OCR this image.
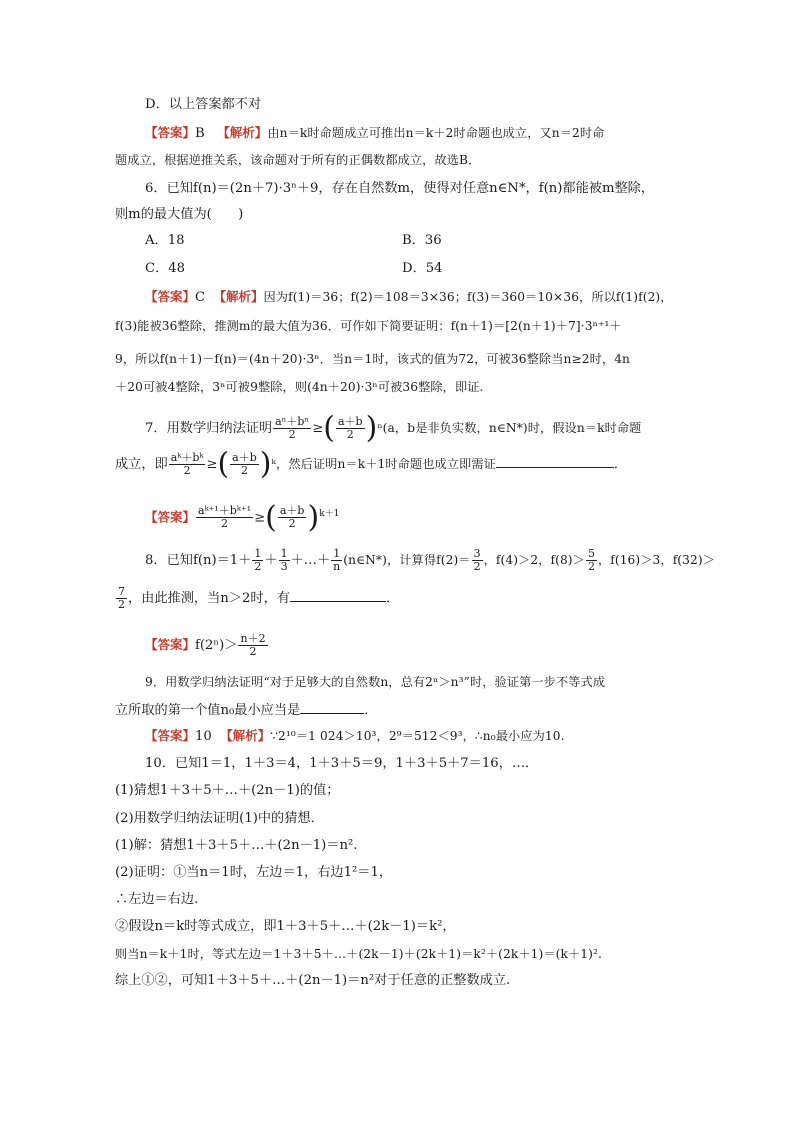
D．以上答案都不对
【答案】B 【解析】由n＝k时命题成立可推出n＝k＋2时命题也成立，又n＝2时命
题成立，根据逆推关系，该命题对于所有的正偶数都成立，故选B．
6．已知f(n)＝(2n＋7)·3ⁿ＋9，存在自然数m，使得对任意n∈N*，f(n)都能被m整除，
则m的最大值为(　　)
A．18	B．36
C．48	D．54
【答案】C 【解析】因为f(1)＝36；f(2)＝108＝3×36；f(3)＝360＝10×36，所以f(1)f(2)，
f(3)能被36整除，推测m的最大值为36．可作如下简要证明：f(n＋1)＝[2(n＋1)＋7]·3ⁿ⁺¹＋
9，所以f(n＋1)－f(n)＝(4n＋20)·3ⁿ．当n＝1时，该式的值为72，可被36整除当n≥2时，4n
＋20可被4整除，3ⁿ可被9整除，则(4n＋20)·3ⁿ可被36整除，即证.
7．用数学归纳法证明 $\frac{\text{aⁿ＋bⁿ}}{2}$ ≥( $\frac{a+b}{2} )^n(a$，b是非负实数，n∈N*)时，假设n＝k时命题
成立，即 $\frac{\text{aᵏ＋bᵏ}}{2}$ ≥( $\frac{a+b}{2}$ )ᵏ，然后证明n＝k＋1时命题也成立即需证	．
【答案】 $\frac{\text{aᵏ⁺¹＋bᵏ⁺¹}}{2}$ ≥( $\frac{a+b}{2} )^{k+1}$
8．已知$f(n)=1+ \frac{1}{2} + \frac{1}{3}$ ＋…＋ $\frac{1}{n}$ (n∈N*)，计算得$f(2)= \frac{3}{2}$ ，f(4)＞2，$f(8)> \frac{5}{2}$ ，f(16)＞3，f(32)＞
$\frac{7}{2}$ ，由此推测，当n＞2时，有	．
【答案】$f(2^n)> \frac{n+2}{2}$
9．用数学归纳法证明“对于足够大的自然数n，总有2ⁿ＞n³”时，验证第一步不等式成
立所取的第一个值n₀最小应当是	．
【答案】10 【解析】∵2¹⁰＝1 024＞10³，2⁹＝512＜9³，∴n₀最小应为10.
10．已知1＝1，1＋3＝4，1＋3＋5＝9，1＋3＋5＋7＝16，…．
(1)猜想1＋3＋5＋…＋(2n－1)的值；
(2)用数学归纳法证明(1)中的猜想．
(1)解：猜想1＋3＋5＋…＋(2n－1)＝n².
(2)证明：①当n＝1时，左边＝1，右边1²＝1，
∴左边＝右边.
②假设n＝k时等式成立，即1＋3＋5＋…＋(2k－1)＝k²，
则当n＝k＋1时，等式左边＝1＋3＋5＋…＋(2k－1)＋(2k＋1)＝k²＋(2k＋1)＝(k＋1)².
综上①②，可知1＋3＋5＋…＋(2n－1)＝n²对于任意的正整数成立.
